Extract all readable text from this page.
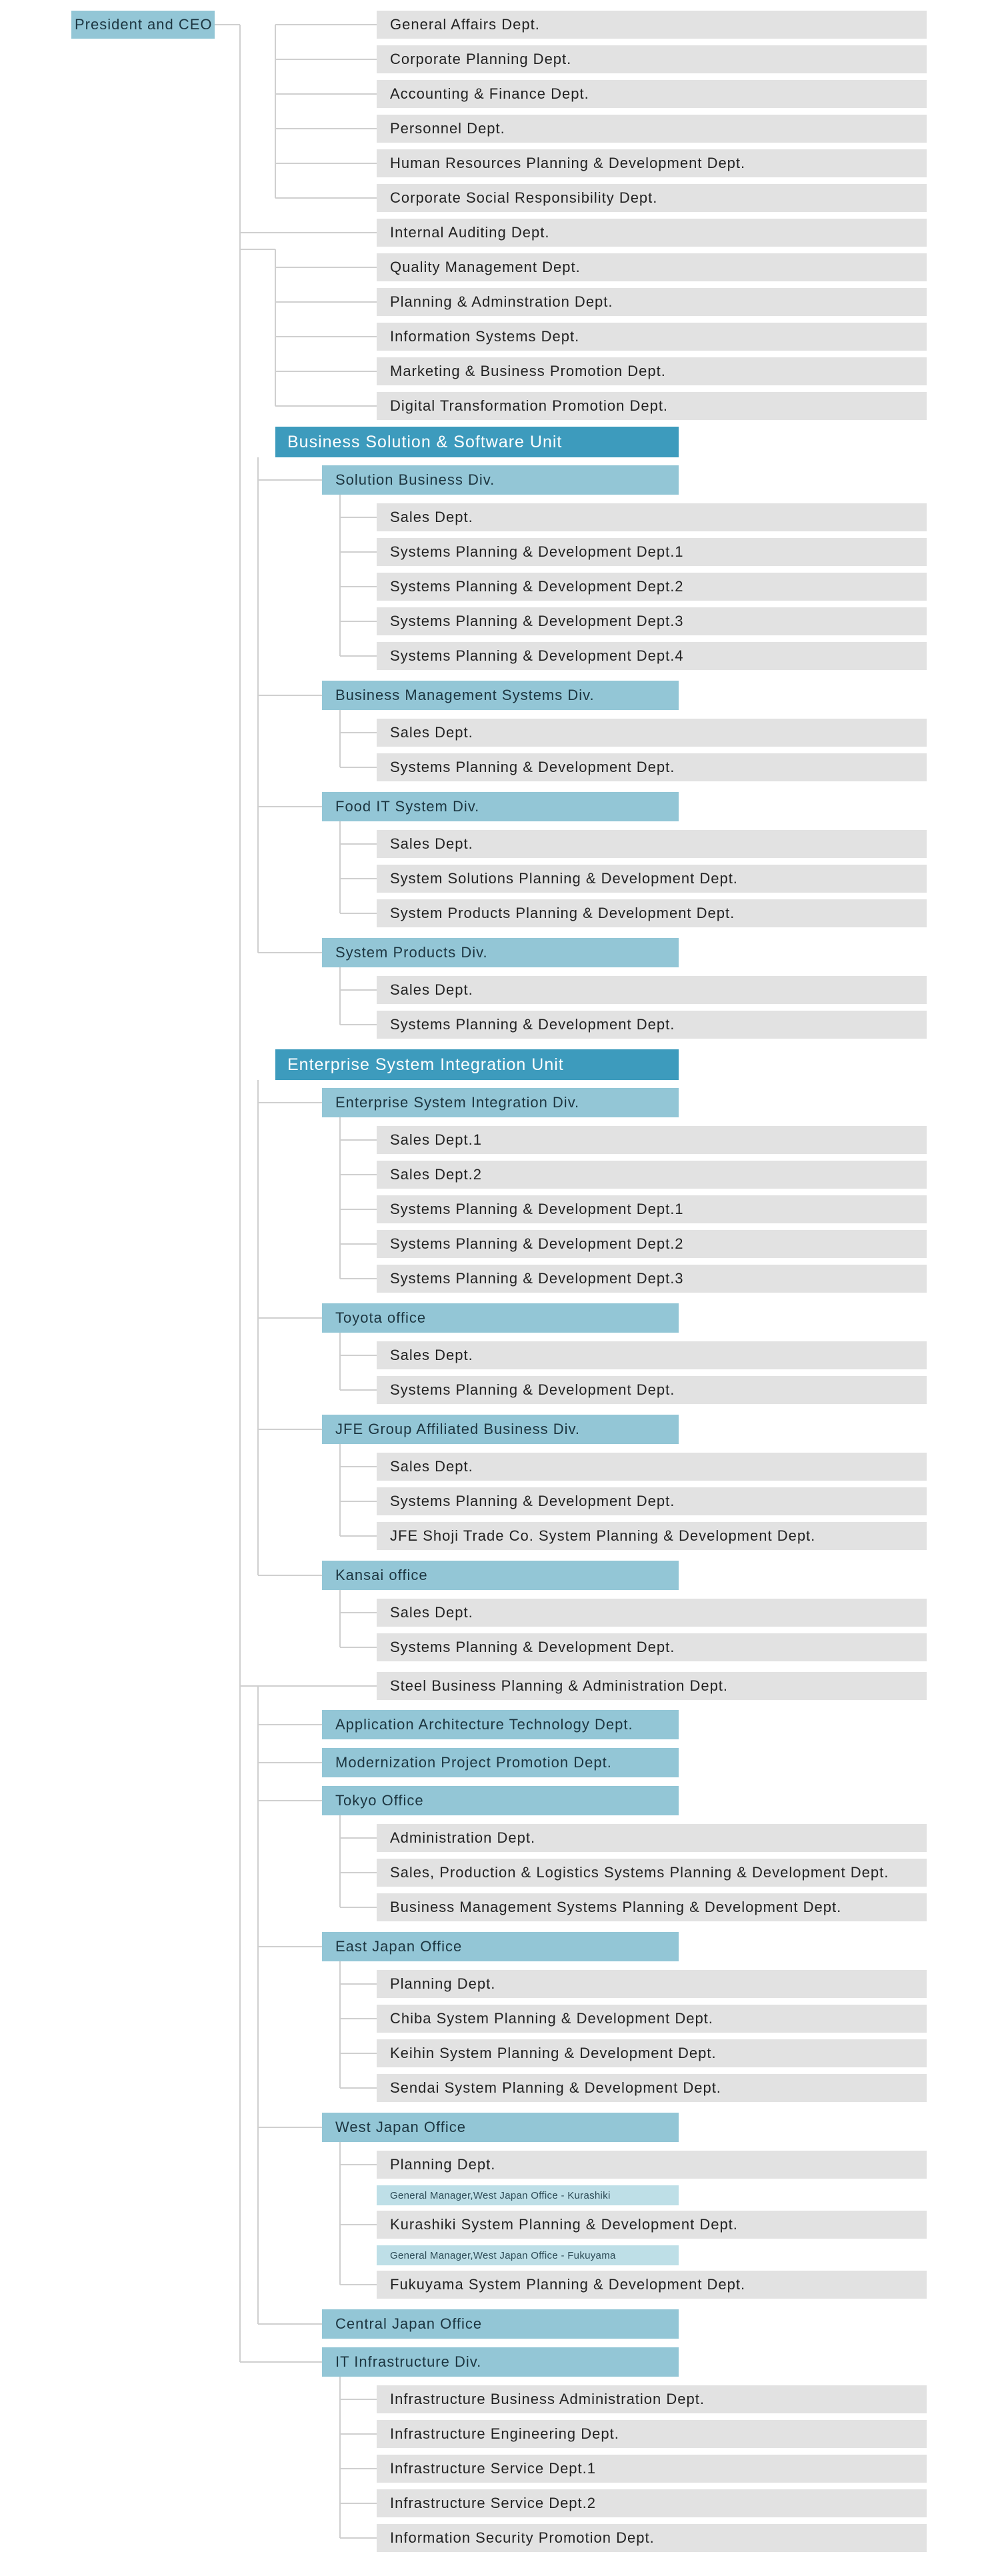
President and CEO	General Affairs Dept.
Corporate Planning Dept.
Accounting & Finance Dept.
Personnel Dept.
Human Resources Planning & Development Dept.
Corporate Social Responsibility Dept.
Internal Auditing Dept.
Quality Management Dept.
Planning & Adminstration Dept.
Information Systems Dept.
Marketing & Business Promotion Dept.
Digital Transformation Promotion Dept.
Business Solution & Software Unit
Solution Business Div.
Sales Dept.
Systems Planning & Development Dept.1
Systems Planning & Development Dept.2
Systems Planning & Development Dept.3
Systems Planning & Development Dept.4
Business Management Systems Div.
Sales Dept.
Systems Planning & Development Dept.
Food IT System Div.
Sales Dept.
System Solutions Planning & Development Dept.
System Products Planning & Development Dept.
System Products Div.
Sales Dept.
Systems Planning & Development Dept.
Enterprise System Integration Unit
Enterprise System Integration Div.
Sales Dept.1
Sales Dept.2
Systems Planning & Development Dept.1
Systems Planning & Development Dept.2
Systems Planning & Development Dept.3
Toyota office
Sales Dept.
Systems Planning & Development Dept.
JFE Group Affiliated Business Div.
Sales Dept.
Systems Planning & Development Dept.
JFE Shoji Trade Co. System Planning & Development Dept.
Kansai office
Sales Dept.
Systems Planning & Development Dept.
Steel Business Planning & Administration Dept.
Application Architecture Technology Dept.
Modernization Project Promotion Dept.
Tokyo Office
Administration Dept.
Sales, Production & Logistics Systems Planning & Development Dept.
Business Management Systems Planning & Development Dept.
East Japan Office
Planning Dept.
Chiba System Planning & Development Dept.
Keihin System Planning & Development Dept.
Sendai System Planning & Development Dept.
West Japan Office
Planning Dept.
General Manager,West Japan Office - Kurashiki
Kurashiki System Planning & Development Dept.
General Manager,West Japan Office - Fukuyama
Fukuyama System Planning & Development Dept.
Central Japan Office
IT Infrastructure Div.
Infrastructure Business Administration Dept.
Infrastructure Engineering Dept.
Infrastructure Service Dept.1
Infrastructure Service Dept.2
Information Security Promotion Dept.
